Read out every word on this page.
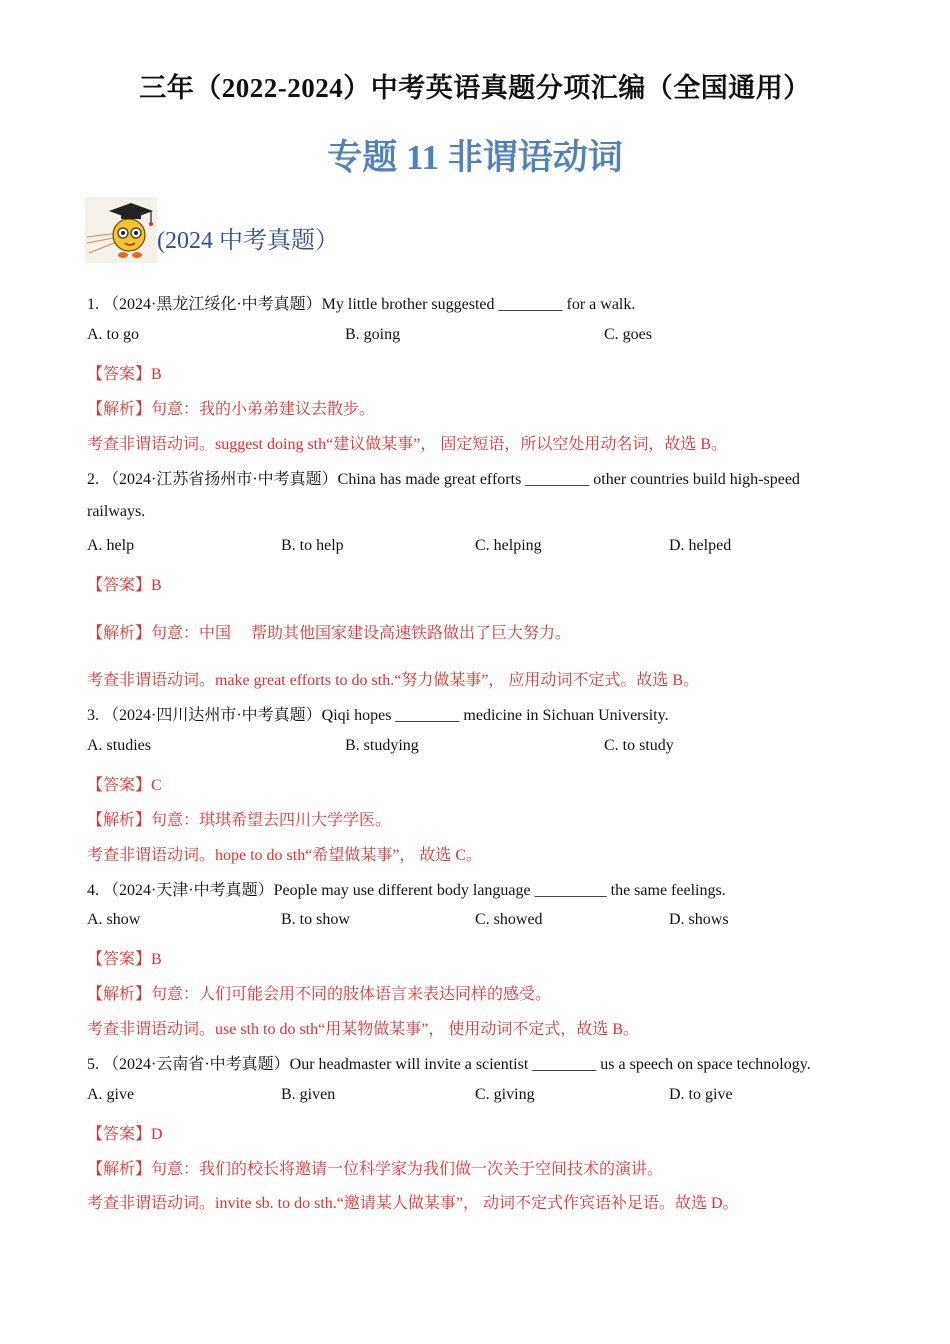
三年（2022-2024）中考英语真题分项汇编（全国通用）
专题 11 非谓语动词
(2024 中考真题）
1. （2024·黑龙江绥化·中考真题）My little brother suggested ________ for a walk.
A. to go	B. going	C. goes
【答案】B
【解析】句意：我的小弟弟建议去散步。
考查非谓语动词。suggest doing sth“建议做某事”， 固定短语，所以空处用动名词，故选 B。
2. （2024·江苏省扬州市·中考真题）China has made great efforts ________ other countries build high-speed
railways.
A. help	B. to help	C. helping	D. helped
【答案】B
【解析】句意：中国　 帮助其他国家建设高速铁路做出了巨大努力。
考查非谓语动词。make great efforts to do sth.“努力做某事”， 应用动词不定式。故选 B。
3. （2024·四川达州市·中考真题）Qiqi hopes ________ medicine in Sichuan University.
A. studies	B. studying	C. to study
【答案】C
【解析】句意：琪琪希望去四川大学学医。
考查非谓语动词。hope to do sth“希望做某事”， 故选 C。
4. （2024·天津·中考真题）People may use different body language _________ the same feelings.
A. show	B. to show	C. showed	D. shows
【答案】B
【解析】句意：人们可能会用不同的肢体语言来表达同样的感受。
考查非谓语动词。use sth to do sth“用某物做某事”， 使用动词不定式，故选 B。
5. （2024·云南省·中考真题）Our headmaster will invite a scientist ________ us a speech on space technology.
A. give	B. given	C. giving	D. to give
【答案】D
【解析】句意：我们的校长将邀请一位科学家为我们做一次关于空间技术的演讲。
考查非谓语动词。invite sb. to do sth.“邀请某人做某事”， 动词不定式作宾语补足语。故选 D。
